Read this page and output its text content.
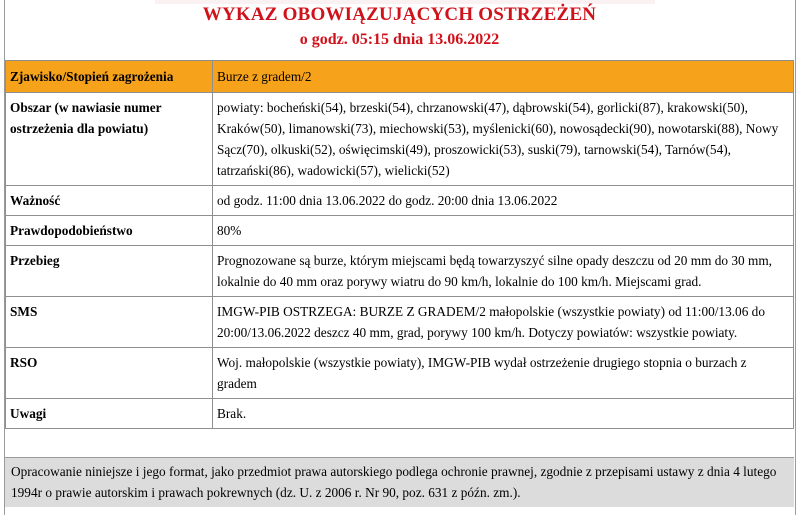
WYKAZ OBOWIĄZUJĄCYCH OSTRZEŻEŃ
o godz. 05:15 dnia 13.06.2022
Zjawisko/Stopień zagrożenia	Burze z gradem/2
Obszar (w nawiasie numer ostrzeżenia dla powiatu)	powiaty: bocheński(54), brzeski(54), chrzanowski(47), dąbrowski(54), gorlicki(87), krakowski(50), Kraków(50), limanowski(73), miechowski(53), myślenicki(60), nowosądecki(90), nowotarski(88), Nowy Sącz(70), olkuski(52), oświęcimski(49), proszowicki(53), suski(79), tarnowski(54), Tarnów(54), tatrzański(86), wadowicki(57), wielicki(52)
Ważność	od godz. 11:00 dnia 13.06.2022 do godz. 20:00 dnia 13.06.2022
Prawdopodobieństwo	80%
Przebieg	Prognozowane są burze, którym miejscami będą towarzyszyć silne opady deszczu od 20 mm do 30 mm, lokalnie do 40 mm oraz porywy wiatru do 90 km/h, lokalnie do 100 km/h. Miejscami grad.
SMS	IMGW-PIB OSTRZEGA: BURZE Z GRADEM/2 małopolskie (wszystkie powiaty) od 11:00/13.06 do 20:00/13.06.2022 deszcz 40 mm, grad, porywy 100 km/h. Dotyczy powiatów: wszystkie powiaty.
RSO	Woj. małopolskie (wszystkie powiaty), IMGW-PIB wydał ostrzeżenie drugiego stopnia o burzach z gradem
Uwagi	Brak.
Opracowanie niniejsze i jego format, jako przedmiot prawa autorskiego podlega ochronie prawnej, zgodnie z przepisami ustawy z dnia 4 lutego 1994r o prawie autorskim i prawach pokrewnych (dz. U. z 2006 r. Nr 90, poz. 631 z późn. zm.).
